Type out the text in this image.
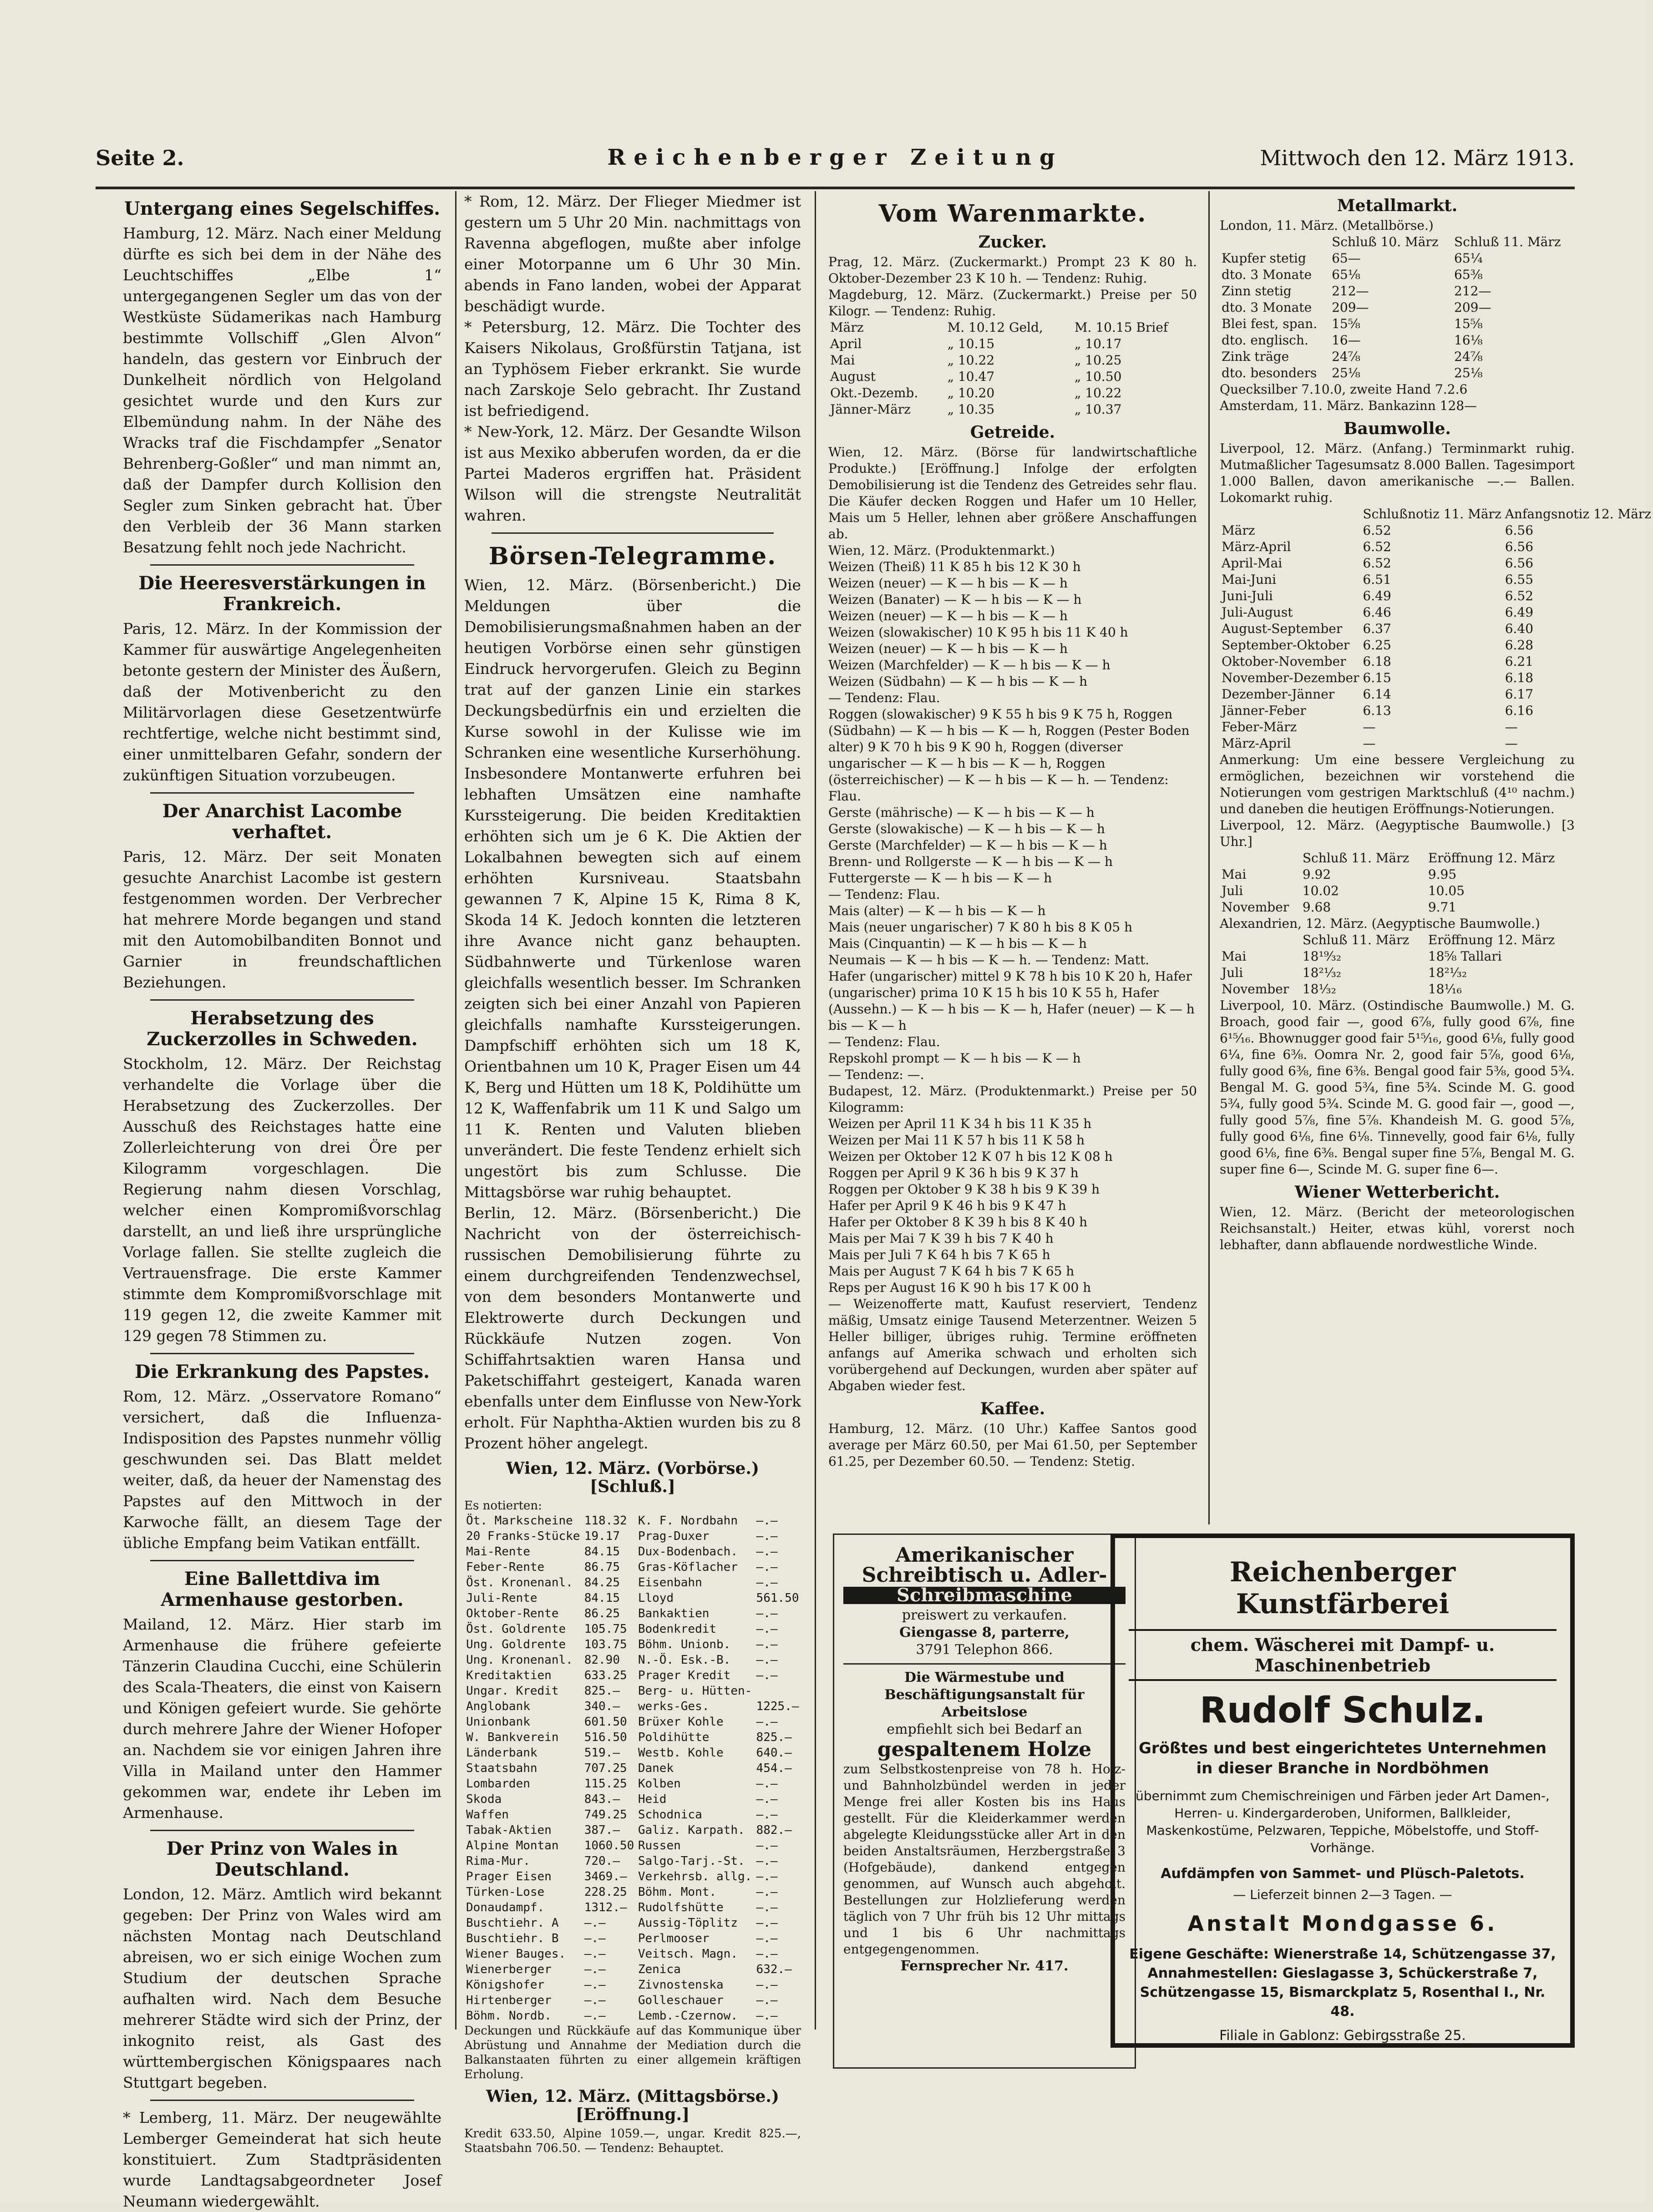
Seite 2.	Reichenberger Zeitung	Mittwoch den 12. März 1913.
Untergang eines Segelschiffes.

Hamburg, 12. März. Nach einer Meldung dürfte es sich bei dem in der Nähe des Leuchtschiffes „Elbe 1“ untergegangenen Segler um das von der Westküste Südamerikas nach Hamburg bestimmte Vollschiff „Glen Alvon“ handeln, das gestern vor Einbruch der Dunkelheit nördlich von Helgoland gesichtet wurde und den Kurs zur Elbemündung nahm. In der Nähe des Wracks traf die Fischdampfer „Senator Behrenberg-Goßler“ und man nimmt an, daß der Dampfer durch Kollision den Segler zum Sinken gebracht hat. Über den Verbleib der 36 Mann starken Besatzung fehlt noch jede Nachricht.

Die Heeresverstärkungen in Frankreich.

Paris, 12. März. In der Kommission der Kammer für auswärtige Angelegenheiten betonte gestern der Minister des Äußern, daß der Motivenbericht zu den Militärvorlagen diese Gesetzentwürfe rechtfertige, welche nicht bestimmt sind, einer unmittelbaren Gefahr, sondern der zukünftigen Situation vorzubeugen.

Der Anarchist Lacombe verhaftet.

Paris, 12. März. Der seit Monaten gesuchte Anarchist Lacombe ist gestern festgenommen worden. Der Verbrecher hat mehrere Morde begangen und stand mit den Automobilbanditen Bonnot und Garnier in freundschaftlichen Beziehungen.

Herabsetzung des Zuckerzolles in Schweden.

Stockholm, 12. März. Der Reichstag verhandelte die Vorlage über die Herabsetzung des Zuckerzolles. Der Ausschuß des Reichstages hatte eine Zollerleichterung von drei Öre per Kilogramm vorgeschlagen. Die Regierung nahm diesen Vorschlag, welcher einen Kompromißvorschlag darstellt, an und ließ ihre ursprüngliche Vorlage fallen. Sie stellte zugleich die Vertrauensfrage. Die erste Kammer stimmte dem Kompromißvorschlage mit 119 gegen 12, die zweite Kammer mit 129 gegen 78 Stimmen zu.

Die Erkrankung des Papstes.

Rom, 12. März. „Osservatore Romano“ versichert, daß die Influenza-Indisposition des Papstes nunmehr völlig geschwunden sei. Das Blatt meldet weiter, daß, da heuer der Namenstag des Papstes auf den Mittwoch in der Karwoche fällt, an diesem Tage der übliche Empfang beim Vatikan entfällt.

Eine Ballettdiva im Armenhause gestorben.

Mailand, 12. März. Hier starb im Armenhause die frühere gefeierte Tänzerin Claudina Cucchi, eine Schülerin des Scala-Theaters, die einst von Kaisern und Königen gefeiert wurde. Sie gehörte durch mehrere Jahre der Wiener Hofoper an. Nachdem sie vor einigen Jahren ihre Villa in Mailand unter den Hammer gekommen war, endete ihr Leben im Armenhause.

Der Prinz von Wales in Deutschland.

London, 12. März. Amtlich wird bekannt gegeben: Der Prinz von Wales wird am nächsten Montag nach Deutschland abreisen, wo er sich einige Wochen zum Studium der deutschen Sprache aufhalten wird. Nach dem Besuche mehrerer Städte wird sich der Prinz, der inkognito reist, als Gast des württembergischen Königspaares nach Stuttgart begeben.

* Lemberg, 11. März. Der neugewählte Lemberger Gemeinderat hat sich heute konstituiert. Zum Stadtpräsidenten wurde Landtagsabgeordneter Josef Neumann wiedergewählt.

* Rom, 12. März. Der Flieger Miedmer ist gestern um 5 Uhr 20 Min. nachmittags von Ravenna abgeflogen, mußte aber infolge einer Motorpanne um 6 Uhr 30 Min. abends in Fano landen, wobei der Apparat beschädigt wurde.

* Petersburg, 12. März. Die Tochter des Kaisers Nikolaus, Großfürstin Tatjana, ist an Typhösem Fieber erkrankt. Sie wurde nach Zarskoje Selo gebracht. Ihr Zustand ist befriedigend.

* New-York, 12. März. Der Gesandte Wilson ist aus Mexiko abberufen worden, da er die Partei Maderos ergriffen hat. Präsident Wilson will die strengste Neutralität wahren.

Börsen-Telegramme.

Wien, 12. März. (Börsenbericht.) Die Meldungen über die Demobilisierungsmaßnahmen haben an der heutigen Vorbörse einen sehr günstigen Eindruck hervorgerufen. Gleich zu Beginn trat auf der ganzen Linie ein starkes Deckungsbedürfnis ein und erzielten die Kurse sowohl in der Kulisse wie im Schranken eine wesentliche Kurserhöhung. Insbesondere Montanwerte erfuhren bei lebhaften Umsätzen eine namhafte Kurssteigerung. Die beiden Kreditaktien erhöhten sich um je 6 K. Die Aktien der Lokalbahnen bewegten sich auf einem erhöhten Kursniveau. Staatsbahn gewannen 7 K, Alpine 15 K, Rima 8 K, Skoda 14 K. Jedoch konnten die letzteren ihre Avance nicht ganz behaupten. Südbahnwerte und Türkenlose waren gleichfalls wesentlich besser. Im Schranken zeigten sich bei einer Anzahl von Papieren gleichfalls namhafte Kurssteigerungen. Dampfschiff erhöhten sich um 18 K, Orientbahnen um 10 K, Prager Eisen um 44 K, Berg und Hütten um 18 K, Poldihütte um 12 K, Waffenfabrik um 11 K und Salgo um 11 K. Renten und Valuten blieben unverändert. Die feste Tendenz erhielt sich ungestört bis zum Schlusse. Die Mittagsbörse war ruhig behauptet.

Berlin, 12. März. (Börsenbericht.) Die Nachricht von der österreichisch-russischen Demobilisierung führte zu einem durchgreifenden Tendenzwechsel, von dem besonders Montanwerte und Elektrowerte durch Deckungen und Rückkäufe Nutzen zogen. Von Schiffahrtsaktien waren Hansa und Paketschiffahrt gesteigert, Kanada waren ebenfalls unter dem Einflusse von New-York erholt. Für Naphtha-Aktien wurden bis zu 8 Prozent höher angelegt.

Wien, 12. März. (Vorbörse.) [Schluß.]
Es notierten:
Öt. Markscheine	118.32	K. F. Nordbahn	—.—
20 Franks-Stücke	19.17	Prag-Duxer	—.—
Mai-Rente	84.15	Dux-Bodenbach.	—.—
Feber-Rente	86.75	Gras-Köflacher	—.—
Öst. Kronenanl.	84.25	Eisenbahn	—.—
Juli-Rente	84.15	Lloyd	561.50
Oktober-Rente	86.25	Bankaktien	—.—
Öst. Goldrente	105.75	Bodenkredit	—.—
Ung. Goldrente	103.75	Böhm. Unionb.	—.—
Ung. Kronenanl.	82.90	N.-Ö. Esk.-B.	—.—
Kreditaktien	633.25	Prager Kredit	—.—
Ungar. Kredit	825.—	Berg- u. Hütten-	
Anglobank	340.—	werks-Ges.	1225.—
Unionbank	601.50	Brüxer Kohle	—.—
W. Bankverein	516.50	Poldihütte	825.—
Länderbank	519.—	Westb. Kohle	640.—
Staatsbahn	707.25	Danek	454.—
Lombarden	115.25	Kolben	—.—
Skoda	843.—	Heid	—.—
Waffen	749.25	Schodnica	—.—
Tabak-Aktien	387.—	Galiz. Karpath.	882.—
Alpine Montan	1060.50	Russen	—.—
Rima-Mur.	720.—	Salgo-Tarj.-St.	—.—
Prager Eisen	3469.—	Verkehrsb. allg.	—.—
Türken-Lose	228.25	Böhm. Mont.	—.—
Donaudampf.	1312.—	Rudolfshütte	—.—
Buschtiehr. A	—.—	Aussig-Töplitz	—.—
Buschtiehr. B	—.—	Perlmooser	—.—
Wiener Bauges.	—.—	Veitsch. Magn.	—.—
Wienerberger	—.—	Zenica	632.—
Königshofer	—.—	Zivnostenska	—.—
Hirtenberger	—.—	Golleschauer	—.—
Böhm. Nordb.	—.—	Lemb.-Czernow.	—.—

Deckungen und Rückkäufe auf das Kommunique über Abrüstung und Annahme der Mediation durch die Balkanstaaten führten zu einer allgemein kräftigen Erholung.

Wien, 12. März. (Mittagsbörse.) [Eröffnung.]

Kredit 633.50, Alpine 1059.—, ungar. Kredit 825.—, Staatsbahn 706.50. — Tendenz: Behauptet.

Vom Warenmarkte.
Zucker.

Prag, 12. März. (Zuckermarkt.) Prompt 23 K 80 h. Oktober-Dezember 23 K 10 h. — Tendenz: Ruhig.

Magdeburg, 12. März. (Zuckermarkt.) Preise per 50 Kilogr. — Tendenz: Ruhig.

März	M. 10.12 Geld,	M. 10.15 Brief
April	„ 10.15	„ 10.17
Mai	„ 10.22	„ 10.25
August	„ 10.47	„ 10.50
Okt.-Dezemb.	„ 10.20	„ 10.22
Jänner-März	„ 10.35	„ 10.37
Getreide.

Wien, 12. März. (Börse für landwirtschaftliche Produkte.) [Eröffnung.] Infolge der erfolgten Demobilisierung ist die Tendenz des Getreides sehr flau. Die Käufer decken Roggen und Hafer um 10 Heller, Mais um 5 Heller, lehnen aber größere Anschaffungen ab.

Wien, 12. März. (Produktenmarkt.)

Weizen (Theiß) 11 K 85 h bis 12 K 30 h
Weizen (neuer) — K — h bis — K — h
Weizen (Banater) — K — h bis — K — h
Weizen (neuer) — K — h bis — K — h
Weizen (slowakischer) 10 K 95 h bis 11 K 40 h
Weizen (neuer) — K — h bis — K — h
Weizen (Marchfelder) — K — h bis — K — h
Weizen (Südbahn) — K — h bis — K — h
— Tendenz: Flau.
Roggen (slowakischer) 9 K 55 h bis 9 K 75 h, Roggen (Südbahn) — K — h bis — K — h, Roggen (Pester Boden alter) 9 K 70 h bis 9 K 90 h, Roggen (diverser ungarischer — K — h bis — K — h, Roggen (österreichischer) — K — h bis — K — h. — Tendenz: Flau.
Gerste (mährische) — K — h bis — K — h
Gerste (slowakische) — K — h bis — K — h
Gerste (Marchfelder) — K — h bis — K — h
Brenn- und Rollgerste — K — h bis — K — h
Futtergerste — K — h bis — K — h
— Tendenz: Flau.
Mais (alter) — K — h bis — K — h
Mais (neuer ungarischer) 7 K 80 h bis 8 K 05 h
Mais (Cinquantin) — K — h bis — K — h
Neumais — K — h bis — K — h. — Tendenz: Matt.
Hafer (ungarischer) mittel 9 K 78 h bis 10 K 20 h, Hafer (ungarischer) prima 10 K 15 h bis 10 K 55 h, Hafer (Aussehn.) — K — h bis — K — h, Hafer (neuer) — K — h bis — K — h
— Tendenz: Flau.
Repskohl prompt — K — h bis — K — h
— Tendenz: —.

Budapest, 12. März. (Produktenmarkt.) Preise per 50 Kilogramm:

Weizen per April 11 K 34 h bis 11 K 35 h
Weizen per Mai 11 K 57 h bis 11 K 58 h
Weizen per Oktober 12 K 07 h bis 12 K 08 h
Roggen per April 9 K 36 h bis 9 K 37 h
Roggen per Oktober 9 K 38 h bis 9 K 39 h
Hafer per April 9 K 46 h bis 9 K 47 h
Hafer per Oktober 8 K 39 h bis 8 K 40 h
Mais per Mai 7 K 39 h bis 7 K 40 h
Mais per Juli 7 K 64 h bis 7 K 65 h
Mais per August 7 K 64 h bis 7 K 65 h
Reps per August 16 K 90 h bis 17 K 00 h

— Weizenofferte matt, Kaufust reserviert, Tendenz mäßig, Umsatz einige Tausend Meterzentner. Weizen 5 Heller billiger, übriges ruhig. Termine eröffneten anfangs auf Amerika schwach und erholten sich vorübergehend auf Deckungen, wurden aber später auf Abgaben wieder fest.

Kaffee.

Hamburg, 12. März. (10 Uhr.) Kaffee Santos good average per März 60.50, per Mai 61.50, per September 61.25, per Dezember 60.50. — Tendenz: Stetig.

Metallmarkt.
London, 11. März. (Metallbörse.)
	Schluß 10. März	Schluß 11. März
Kupfer stetig	65—	65¼
dto. 3 Monate	65⅛	65⅜
Zinn stetig	212—	212—
dto. 3 Monate	209—	209—
Blei fest, span.	15⅝	15⅝
dto. englisch.	16—	16⅛
Zink träge	24⅞	24⅞
dto. besonders	25⅛	25⅛
Quecksilber 7.10.0, zweite Hand 7.2.6
Amsterdam, 11. März. Bankazinn 128—
Baumwolle.

Liverpool, 12. März. (Anfang.) Terminmarkt ruhig. Mutmaßlicher Tagesumsatz 8.000 Ballen. Tagesimport 1.000 Ballen, davon amerikanische —.— Ballen. Lokomarkt ruhig.

	Schlußnotiz 11. März	Anfangsnotiz 12. März
März	6.52	6.56
März-April	6.52	6.56
April-Mai	6.52	6.56
Mai-Juni	6.51	6.55
Juni-Juli	6.49	6.52
Juli-August	6.46	6.49
August-September	6.37	6.40
September-Oktober	6.25	6.28
Oktober-November	6.18	6.21
November-Dezember	6.15	6.18
Dezember-Jänner	6.14	6.17
Jänner-Feber	6.13	6.16
Feber-März	—	—
März-April	—	—

Anmerkung: Um eine bessere Vergleichung zu ermöglichen, bezeichnen wir vorstehend die Notierungen vom gestrigen Marktschluß (4¹⁰ nachm.) und daneben die heutigen Eröffnungs-Notierungen.

Liverpool, 12. März. (Aegyptische Baumwolle.) [3 Uhr.]

	Schluß 11. März	Eröffnung 12. März
Mai	9.92	9.95
Juli	10.02	10.05
November	9.68	9.71

Alexandrien, 12. März. (Aegyptische Baumwolle.)

	Schluß 11. März	Eröffnung 12. März
Mai	18¹⁹⁄₃₂	18⁵⁄₈ Tallari
Juli	18²¹⁄₃₂	18²¹⁄₃₂
November	18¹⁄₃₂	18¹⁄₁₆

Liverpool, 10. März. (Ostindische Baumwolle.) M. G. Broach, good fair —, good 6⅞, fully good 6⅞, fine 6¹⁵⁄₁₆. Bhownugger good fair 5¹⁵⁄₁₆, good 6⅛, fully good 6¼, fine 6⅜. Oomra Nr. 2, good fair 5⅞, good 6⅛, fully good 6⅜, fine 6⅜. Bengal good fair 5⅜, good 5¾. Bengal M. G. good 5¾, fine 5¾. Scinde M. G. good 5¾, fully good 5¾. Scinde M. G. good fair —, good —, fully good 5⅞, fine 5⅞. Khandeish M. G. good 5⅞, fully good 6⅛, fine 6⅛. Tinnevelly, good fair 6⅛, fully good 6⅛, fine 6⅜. Bengal super fine 5⅞, Bengal M. G. super fine 6—, Scinde M. G. super fine 6—.

Wiener Wetterbericht.

Wien, 12. März. (Bericht der meteorologischen Reichsanstalt.) Heiter, etwas kühl, vorerst noch lebhafter, dann abflauende nordwestliche Winde.

Amerikanischer
Schreibtisch u. Adler-
Schreibmaschine
preiswert zu verkaufen.
Giengasse 8, parterre,
3791 Telephon 866.
Die Wärmestube und Beschäftigungsanstalt für Arbeitslose
empfiehlt sich bei Bedarf an
gespaltenem Holze

zum Selbstkostenpreise von 78 h. Holz- und Bahnholzbündel werden in jeder Menge frei aller Kosten bis ins Haus gestellt. Für die Kleiderkammer werden abgelegte Kleidungsstücke aller Art in den beiden Anstaltsräumen, Herzbergstraße 3 (Hofgebäude), dankend entgegen genommen, auf Wunsch auch abgeholt. Bestellungen zur Holzlieferung werden täglich von 7 Uhr früh bis 12 Uhr mittags und 1 bis 6 Uhr nachmittags entgegengenommen.

Fernsprecher Nr. 417.
Reichenberger Kunstfärberei
chem. Wäscherei mit Dampf- u. Maschinenbetrieb
Rudolf Schulz.
Größtes und best eingerichtetes Unternehmen in dieser Branche in Nordböhmen
übernimmt zum Chemischreinigen und Färben jeder Art Damen-, Herren- u. Kindergarderoben, Uniformen, Ballkleider, Maskenkostüme, Pelzwaren, Teppiche, Möbelstoffe, und Stoff-Vorhänge.
Aufdämpfen von Sammet- und Plüsch-Paletots.
— Lieferzeit binnen 2—3 Tagen. —
Anstalt Mondgasse 6.
Eigene Geschäfte: Wienerstraße 14, Schützengasse 37, Annahmestellen: Gieslagasse 3, Schückerstraße 7, Schützengasse 15, Bismarckplatz 5, Rosenthal I., Nr. 48.
Filiale in Gablonz: Gebirgsstraße 25.
